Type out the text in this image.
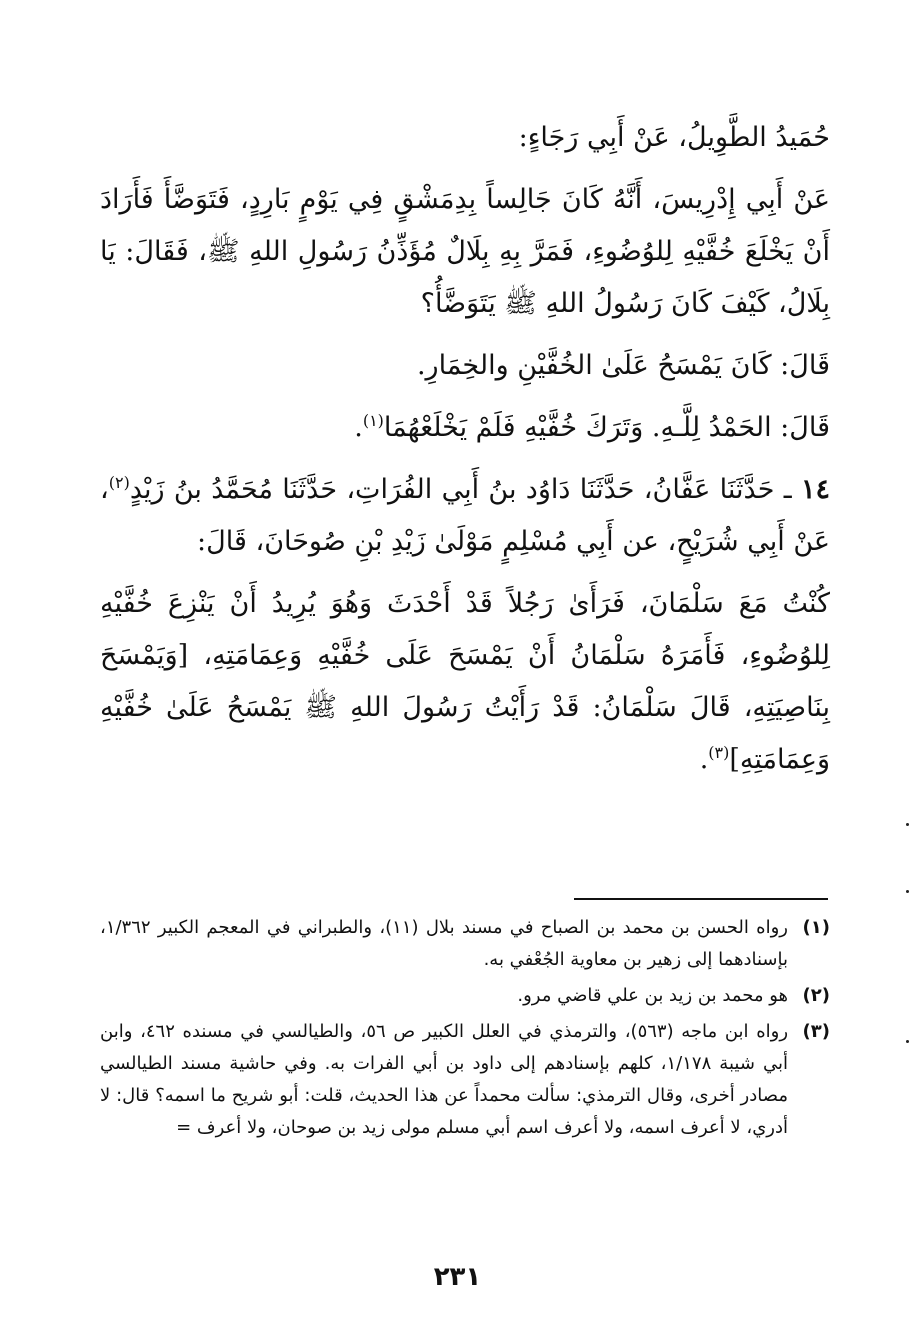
حُمَيدُ الطَّوِيلُ، عَنْ أَبِي رَجَاءٍ:

عَنْ أَبِي إِدْرِيسَ، أَنَّهُ كَانَ جَالِساً بِدِمَشْقٍ فِي يَوْمٍ بَارِدٍ، فَتَوَضَّأَ فَأَرَادَ أَنْ يَخْلَعَ خُفَّيْهِ لِلوُضُوءِ، فَمَرَّ بِهِ بِلَالٌ مُؤَذِّنُ رَسُولِ اللهِ ﷺ، فَقَالَ: يَا بِلَالُ، كَيْفَ كَانَ رَسُولُ اللهِ ﷺ يَتَوَضَّأُ؟

قَالَ: كَانَ يَمْسَحُ عَلَىٰ الخُفَّيْنِ والخِمَارِ.

قَالَ: الحَمْدُ لِلَّـهِ. وَتَرَكَ خُفَّيْهِ فَلَمْ يَخْلَعْهُمَا$^{(١)}$.

١٤ ـ حَدَّثَنَا عَفَّانُ، حَدَّثَنَا دَاوُد بنُ أَبِي الفُرَاتِ، حَدَّثَنَا مُحَمَّدُ بنُ زَيْدٍ$^{(٢)}$، عَنْ أَبِي شُرَيْحٍ، عن أَبِي مُسْلِمٍ مَوْلَىٰ زَيْدِ بْنِ صُوحَانَ، قَالَ:

كُنْتُ مَعَ سَلْمَانَ، فَرَأَىٰ رَجُلاً قَدْ أَحْدَثَ وَهُوَ يُرِيدُ أَنْ يَنْزِعَ خُفَّيْهِ لِلوُضُوءِ، فَأَمَرَهُ سَلْمَانُ أَنْ يَمْسَحَ عَلَى خُفَّيْهِ وَعِمَامَتِهِ، [وَيَمْسَحَ بِنَاصِيَتِهِ، قَالَ سَلْمَانُ: قَدْ رَأَيْتُ رَسُولَ اللهِ ﷺ يَمْسَحُ عَلَىٰ خُفَّيْهِ وَعِمَامَتِهِ]$^{(٣)}$.

(١)
رواه الحسن بن محمد بن الصباح في مسند بلال (١١)، والطبراني في المعجم الكبير ١/٣٦٢، بإسنادهما إلى زهير بن معاوية الجُعْفي به.
(٢)
هو محمد بن زيد بن علي قاضي مرو.
(٣)
رواه ابن ماجه (٥٦٣)، والترمذي في العلل الكبير ص ٥٦، والطيالسي في مسنده ٤٦٢، وابن أبي شيبة ١/١٧٨، كلهم بإسنادهم إلى داود بن أبي الفرات به. وفي حاشية مسند الطيالسي مصادر أخرى، وقال الترمذي: سألت محمداً عن هذا الحديث، قلت: أبو شريح ما اسمه؟ قال: لا أدري، لا أعرف اسمه، ولا أعرف اسم أبي مسلم مولى زيد بن صوحان، ولا أعرف =
٢٣١
